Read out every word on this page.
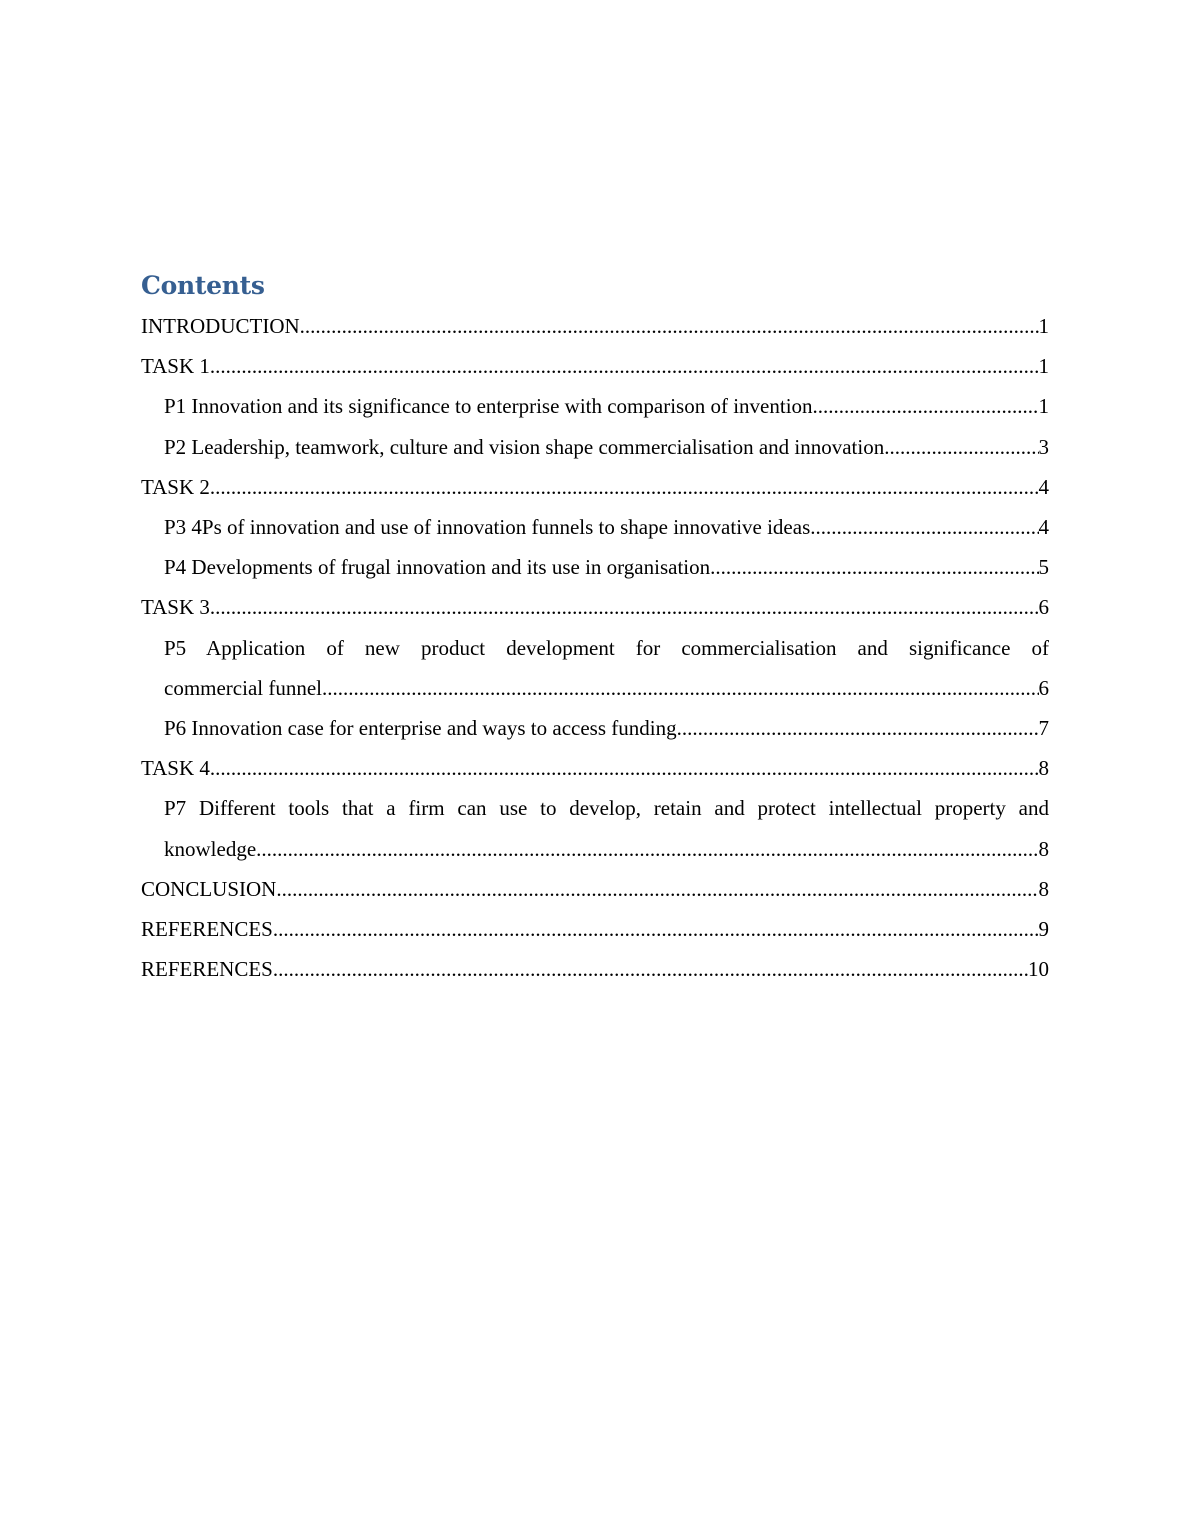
Contents
INTRODUCTION .....	1
TASK 1 .....	1
P1 Innovation and its significance to enterprise with comparison of invention .....	1
P2 Leadership, teamwork, culture and vision shape commercialisation and innovation .....	3
TASK 2 .....	4
P3 4Ps of innovation and use of innovation funnels to shape innovative ideas .....	4
P4 Developments of frugal innovation and its use in organisation .....	5
TASK 3 .....	6
P5 Application of new product development for commercialisation and significance of
commercial funnel .....	6
P6 Innovation case for enterprise and ways to access funding .....	7
TASK 4 .....	8
P7 Different tools that a firm can use to develop, retain and protect intellectual property and
knowledge .....	8
CONCLUSION .....	8
REFERENCES .....	9
REFERENCES .....	10
